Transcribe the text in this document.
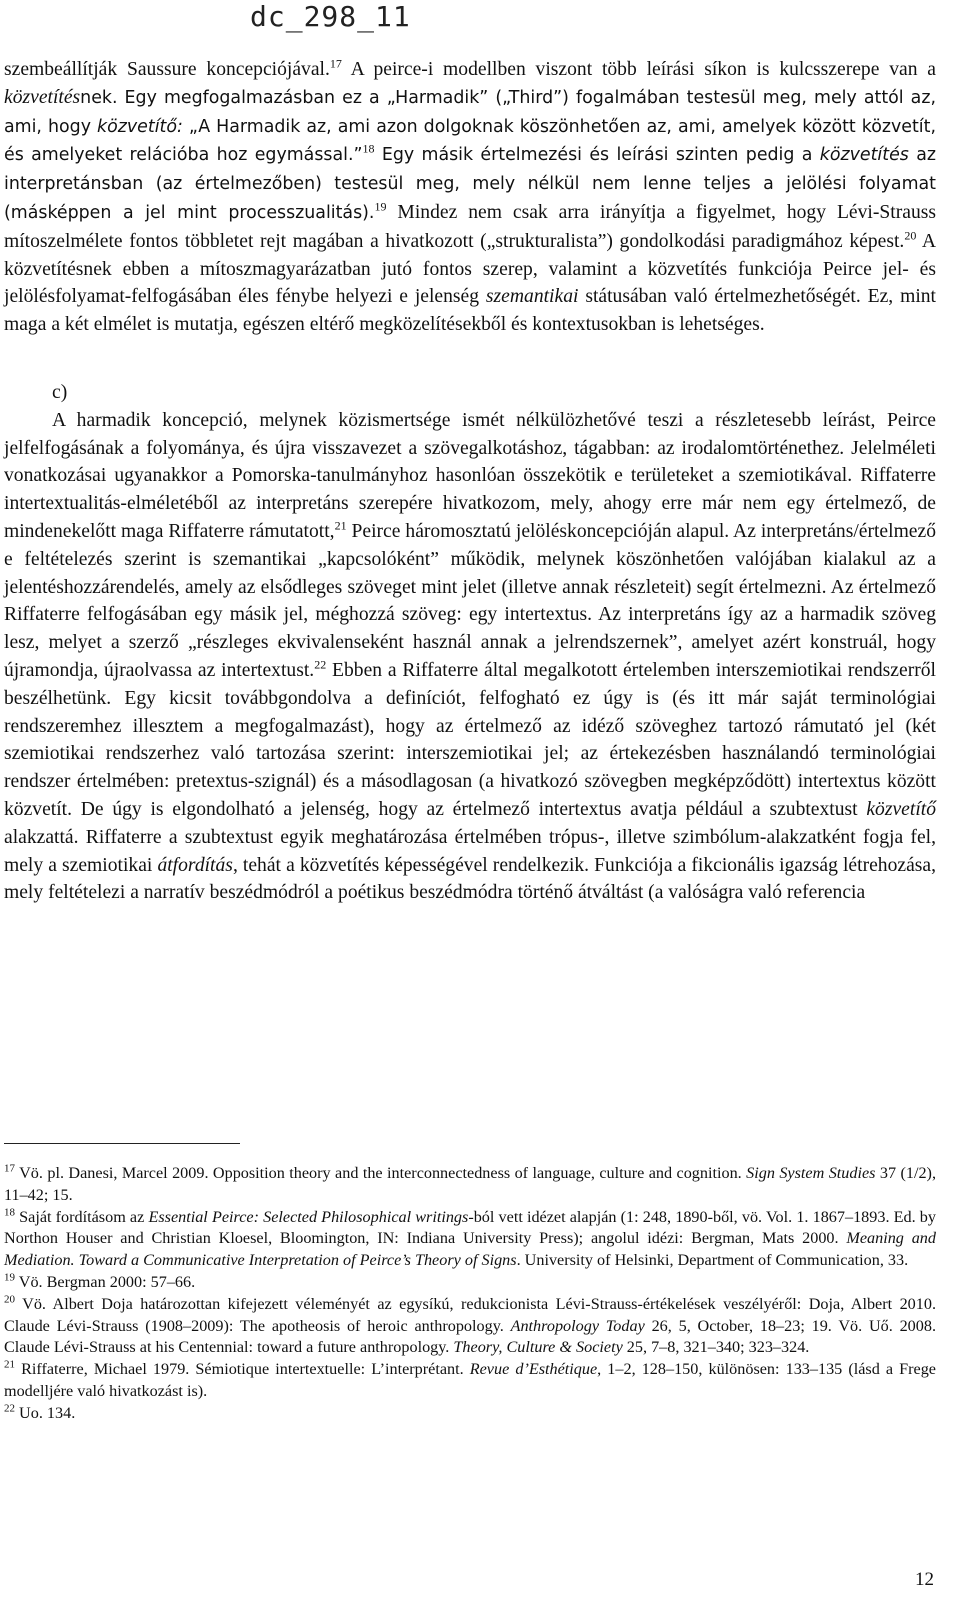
dc_298_11

szembeállítják Saussure koncepciójával.$^{17}$ A peirce-i modellben viszont több leírási síkon is kulcsszerepe van a közvetítésnek. Egy megfogalmazásban ez a „Harmadik” („Third”) fogalmában testesül meg, mely attól az, ami, hogy közvetítő: „A Harmadik az, ami azon dolgoknak köszönhetően az, ami, amelyek között közvetít, és amelyeket relációba hoz egymással.”$^{18}$ Egy másik értelmezési és leírási szinten pedig a közvetítés az interpretánsban (az értelmezőben) testesül meg, mely nélkül nem lenne teljes a jelölési folyamat (másképpen a jel mint processzualitás).$^{19}$ Mindez nem csak arra irányítja a figyelmet, hogy Lévi-Strauss mítoszelmélete fontos többletet rejt magában a hivatkozott („strukturalista”) gondolkodási paradigmához képest.$^{20}$ A közvetítésnek ebben a mítoszmagyarázatban jutó fontos szerep, valamint a közvetítés funkciója Peirce jel- és jelölésfolyamat-felfogásában éles fénybe helyezi e jelenség szemantikai státusában való értelmezhetőségét. Ez, mint maga a két elmélet is mutatja, egészen eltérő megközelítésekből és kontextusokban is lehetséges.

c)

A harmadik koncepció, melynek közismertsége ismét nélkülözhetővé teszi a részletesebb leírást, Peirce jelfelfogásának a folyománya, és újra visszavezet a szövegalkotáshoz, tágabban: az irodalomtörténethez. Jelelméleti vonatkozásai ugyanakkor a Pomorska-tanulmányhoz hasonlóan összekötik e területeket a szemiotikával. Riffaterre intertextualitás-elméletéből az interpretáns szerepére hivatkozom, mely, ahogy erre már nem egy értelmező, de mindenekelőtt maga Riffaterre rámutatott,$^{21}$ Peirce háromosztatú jelöléskoncepcióján alapul. Az interpretáns/értelmező e feltételezés szerint is szemantikai „kapcsolóként” működik, melynek köszönhetően valójában kialakul az a jelentéshozzárendelés, amely az elsődleges szöveget mint jelet (illetve annak részleteit) segít értelmezni. Az értelmező Riffaterre felfogásában egy másik jel, méghozzá szöveg: egy intertextus. Az interpretáns így az a harmadik szöveg lesz, melyet a szerző „részleges ekvivalenseként használ annak a jelrendszernek”, amelyet azért konstruál, hogy újramondja, újraolvassa az intertextust.$^{22}$ Ebben a Riffaterre által megalkotott értelemben interszemiotikai rendszerről beszélhetünk. Egy kicsit továbbgondolva a definíciót, felfogható ez úgy is (és itt már saját terminológiai rendszeremhez illesztem a megfogalmazást), hogy az értelmező az idéző szöveghez tartozó rámutató jel (két szemiotikai rendszerhez való tartozása szerint: interszemiotikai jel; az értekezésben használandó terminológiai rendszer értelmében: pretextus-szignál) és a másodlagosan (a hivatkozó szövegben megképződött) intertextus között közvetít. De úgy is elgondolható a jelenség, hogy az értelmező intertextus avatja például a szubtextust közvetítő alakzattá. Riffaterre a szubtextust egyik meghatározása értelmében trópus-, illetve szimbólum-alakzatként fogja fel, mely a szemiotikai átfordítás, tehát a közvetítés képességével rendelkezik. Funkciója a fikcionális igazság létrehozása, mely feltételezi a narratív beszédmódról a poétikus beszédmódra történő átváltást (a valóságra való referencia

$^{17}$ Vö. pl. Danesi, Marcel 2009. Opposition theory and the interconnectedness of language, culture and cognition. Sign System Studies 37 (1/2), 11–42; 15.

$^{18}$ Saját fordításom az Essential Peirce: Selected Philosophical writings-ból vett idézet alapján (1: 248, 1890-ből, vö. Vol. 1. 1867–1893. Ed. by Northon Houser and Christian Kloesel, Bloomington, IN: Indiana University Press); angolul idézi: Bergman, Mats 2000. Meaning and Mediation. Toward a Communicative Interpretation of Peirce’s Theory of Signs. University of Helsinki, Department of Communication, 33.

$^{19}$ Vö. Bergman 2000: 57–66.

$^{20}$ Vö. Albert Doja határozottan kifejezett véleményét az egysíkú, redukcionista Lévi-Strauss-értékelések veszélyéről: Doja, Albert 2010. Claude Lévi-Strauss (1908–2009): The apotheosis of heroic anthropology. Anthropology Today 26, 5, October, 18–23; 19. Vö. Uő. 2008. Claude Lévi-Strauss at his Centennial: toward a future anthropology. Theory, Culture & Society 25, 7–8, 321–340; 323–324.

$^{21}$ Riffaterre, Michael 1979. Sémiotique intertextuelle: L’interprétant. Revue d’Esthétique, 1–2, 128–150, különösen: 133–135 (lásd a Frege modelljére való hivatkozást is).

$^{22}$ Uo. 134.

12
